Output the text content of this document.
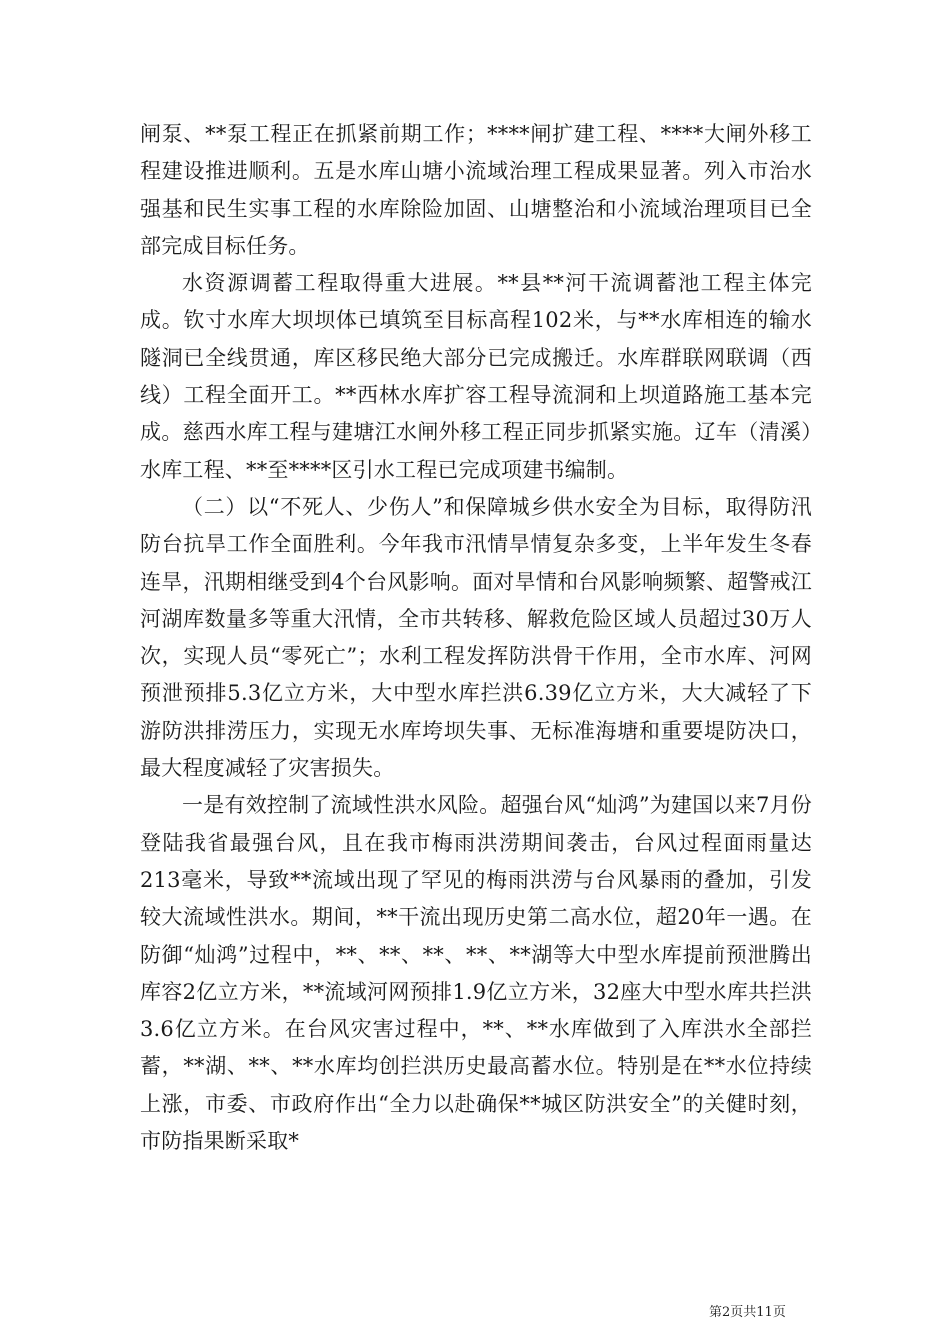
闸泵、**泵工程正在抓紧前期工作；****闸扩建工程、****大闸外移工程建设推进顺利。五是水库山塘小流域治理工程成果显著。列入市治水强基和民生实事工程的水库除险加固、山塘整治和小流域治理项目已全部完成目标任务。

水资源调蓄工程取得重大进展。**县**河干流调蓄池工程主体完成。钦寸水库大坝坝体已填筑至目标高程102米，与**水库相连的输水隧洞已全线贯通，库区移民绝大部分已完成搬迁。水库群联网联调（西线）工程全面开工。**西林水库扩容工程导流洞和上坝道路施工基本完成。慈西水库工程与建塘江水闸外移工程正同步抓紧实施。辽车（清溪）水库工程、**至****区引水工程已完成项建书编制。

（二）以“不死人、少伤人”和保障城乡供水安全为目标，取得防汛防台抗旱工作全面胜利。今年我市汛情旱情复杂多变，上半年发生冬春连旱，汛期相继受到4个台风影响。面对旱情和台风影响频繁、超警戒江河湖库数量多等重大汛情，全市共转移、解救危险区域人员超过30万人次，实现人员“零死亡”；水利工程发挥防洪骨干作用，全市水库、河网预泄预排5.3亿立方米，大中型水库拦洪6.39亿立方米，大大减轻了下游防洪排涝压力，实现无水库垮坝失事、无标准海塘和重要堤防决口，最大程度减轻了灾害损失。

一是有效控制了流域性洪水风险。超强台风“灿鸿”为建国以来7月份登陆我省最强台风，且在我市梅雨洪涝期间袭击，台风过程面雨量达213毫米，导致**流域出现了罕见的梅雨洪涝与台风暴雨的叠加，引发较大流域性洪水。期间，**干流出现历史第二高水位，超20年一遇。在防御“灿鸿”过程中，**、**、**、**、**湖等大中型水库提前预泄腾出库容2亿立方米，**流域河网预排1.9亿立方米，32座大中型水库共拦洪3.6亿立方米。在台风灾害过程中，**、**水库做到了入库洪水全部拦蓄，**湖、**、**水库均创拦洪历史最高蓄水位。特别是在**水位持续上涨，市委、市政府作出“全力以赴确保**城区防洪安全”的关健时刻，市防指果断采取*

第2页共11页
